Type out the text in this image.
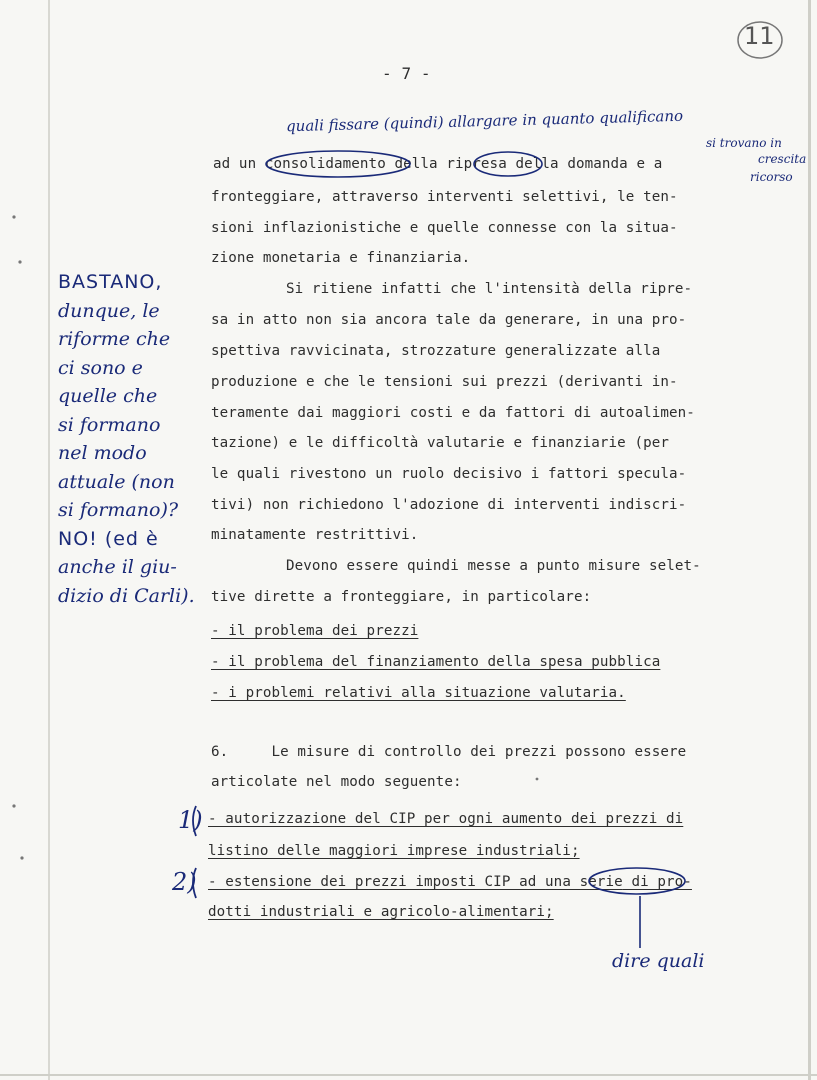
11
- 7 -
quali fissare (quindi) allargare in quanto qualificano
si trovano in
crescita
ricorso
ad un consolidamento della ripresa della domanda e a
fronteggiare, attraverso interventi selettivi, le ten-
sioni inflazionistiche e quelle connesse con la situa-
zione monetaria e finanziaria.
Si ritiene infatti che l'intensità della ripre-
sa in atto non sia ancora tale da generare, in una pro-
spettiva ravvicinata, strozzature generalizzate alla
produzione e che le tensioni sui prezzi (derivanti in-
teramente dai maggiori costi e da fattori di autoalimen-
tazione) e le difficoltà valutarie e finanziarie (per
le quali rivestono un ruolo decisivo i fattori specula-
tivi) non richiedono l'adozione di interventi indiscri-
minatamente restrittivi.
Devono essere quindi messe a punto misure selet-
tive dirette a fronteggiare, in particolare:
- il problema dei prezzi
- il problema del finanziamento della spesa pubblica
- i problemi relativi alla situazione valutaria.
6.     Le misure di controllo dei prezzi possono essere
articolate nel modo seguente:
- autorizzazione del CIP per ogni aumento dei prezzi di
listino delle maggiori imprese industriali;
- estensione dei prezzi imposti CIP ad una serie di pro-
dotti industriali e agricolo-alimentari;
1)
2)
dire quali
BASTANO,
dunque, le
riforme che
ci sono e
quelle che
si formano
nel modo
attuale (non
si formano)?
NO! (ed è
anche il giu-
dizio di Carli).
